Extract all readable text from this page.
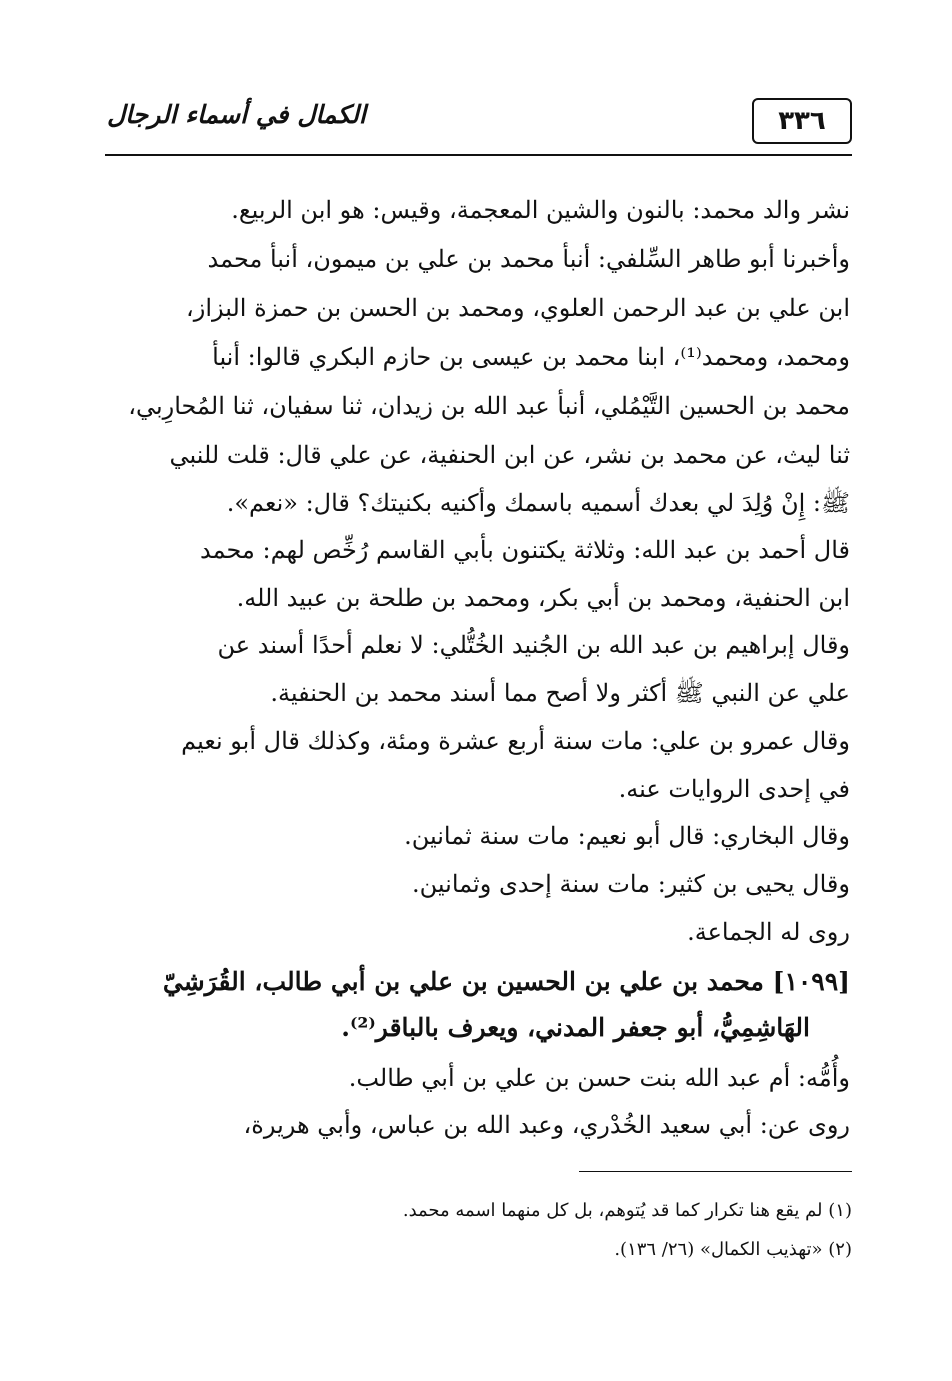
الكمال في أسماء الرجال	٣٣٦
نشر والد محمد: بالنون والشين المعجمة، وقيس: هو ابن الربيع.
وأخبرنا أبو طاهر السِّلفي: أنبأ محمد بن علي بن ميمون، أنبأ محمد
ابن علي بن عبد الرحمن العلوي، ومحمد بن الحسن بن حمزة البزاز،
ومحمد، ومحمد⁽¹⁾، ابنا محمد بن عيسى بن حازم البكري قالوا: أنبأ
محمد بن الحسين التَّيْمُلي، أنبأ عبد الله بن زيدان، ثنا سفيان، ثنا المُحارِبي،
ثنا ليث، عن محمد بن نشر، عن ابن الحنفية، عن علي قال: قلت للنبي
ﷺ: إِنْ وُلِدَ لي بعدك أسميه باسمك وأكنيه بكنيتك؟ قال: «نعم».
قال أحمد بن عبد الله: وثلاثة يكتنون بأبي القاسم رُخِّص لهم: محمد
ابن الحنفية، ومحمد بن أبي بكر، ومحمد بن طلحة بن عبيد الله.
وقال إبراهيم بن عبد الله بن الجُنيد الخُتُّلي: لا نعلم أحدًا أسند عن
علي عن النبي ﷺ أكثر ولا أصح مما أسند محمد بن الحنفية.
وقال عمرو بن علي: مات سنة أربع عشرة ومئة، وكذلك قال أبو نعيم
في إحدى الروايات عنه.
وقال البخاري: قال أبو نعيم: مات سنة ثمانين.
وقال يحيى بن كثير: مات سنة إحدى وثمانين.
روى له الجماعة.
[١٠٩٩] محمد بن علي بن الحسين بن علي بن أبي طالب، القُرَشِيّ
الهَاشِمِيُّ، أبو جعفر المدني، ويعرف بالباقر⁽²⁾.
وأُمُّه: أم عبد الله بنت حسن بن علي بن أبي طالب.
روى عن: أبي سعيد الخُدْري، وعبد الله بن عباس، وأبي هريرة،
(١) لم يقع هنا تكرار كما قد يُتوهم، بل كل منهما اسمه محمد.
(٢) «تهذيب الكمال» (٢٦/ ١٣٦).
